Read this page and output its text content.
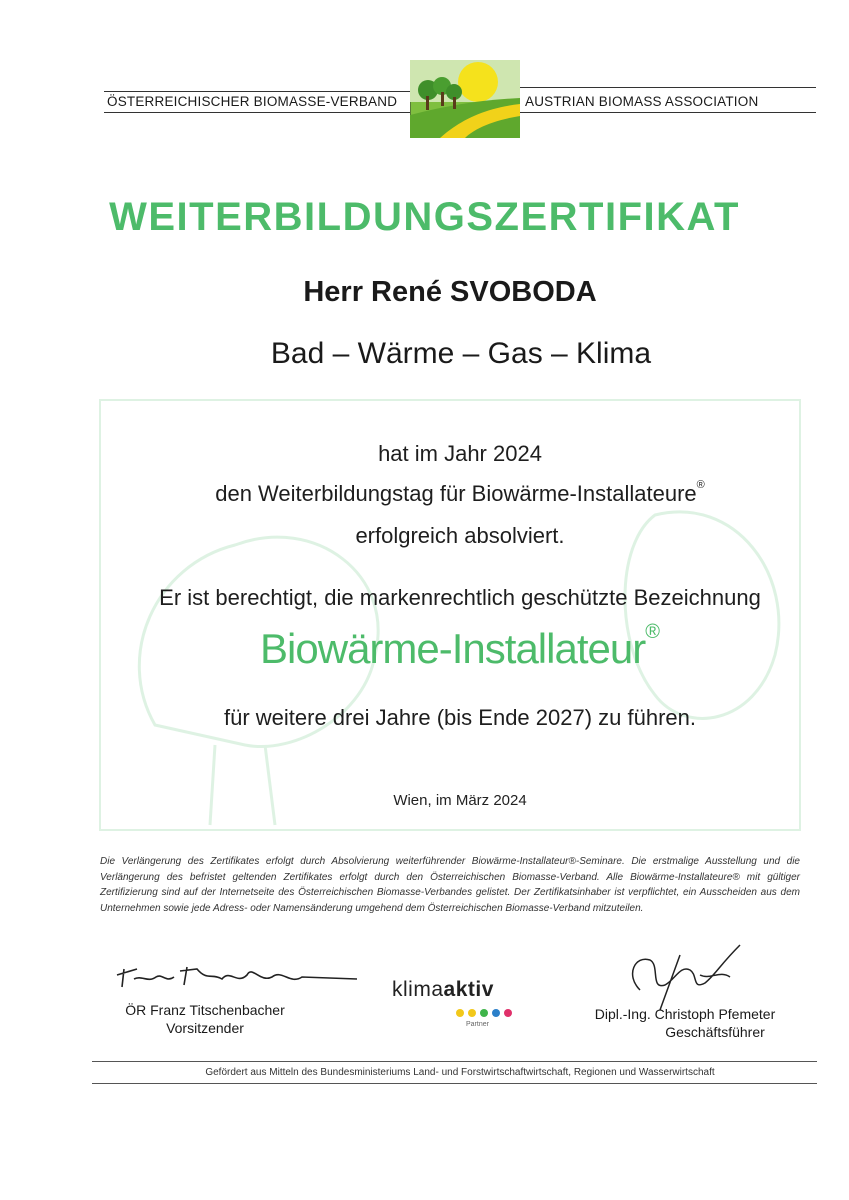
ÖSTERREICHISCHER BIOMASSE-VERBAND	AUSTRIAN BIOMASS ASSOCIATION
WEITERBILDUNGSZERTIFIKAT
Herr René SVOBODA
Bad – Wärme – Gas – Klima
hat im Jahr 2024
den Weiterbildungstag für Biowärme-Installateure®
erfolgreich absolviert.
Er ist berechtigt, die markenrechtlich geschützte Bezeichnung
Biowärme-Installateur®
für weitere drei Jahre (bis Ende 2027) zu führen.
Wien, im März 2024
Die Verlängerung des Zertifikates erfolgt durch Absolvierung weiterführender Biowärme-Installateur®-Seminare. Die erstmalige Ausstellung und die Verlängerung des befristet geltenden Zertifikates erfolgt durch den Österreichischen Biomasse-Verband. Alle Biowärme-Installateure® mit gültiger Zertifizierung sind auf der Internetseite des Österreichischen Biomasse-Verbandes gelistet. Der Zertifikatsinhaber ist verpflichtet, ein Ausscheiden aus dem Unternehmen sowie jede Adress- oder Namensänderung umgehend dem Österreichischen Biomasse-Verband mitzuteilen.
ÖR Franz Titschenbacher
Vorsitzender
Dipl.-Ing. Christoph Pfemeter
Geschäftsführer
klimaaktiv
Partner
Gefördert aus Mitteln des Bundesministeriums Land- und Forstwirtschaftwirtschaft, Regionen und Wasserwirtschaft
